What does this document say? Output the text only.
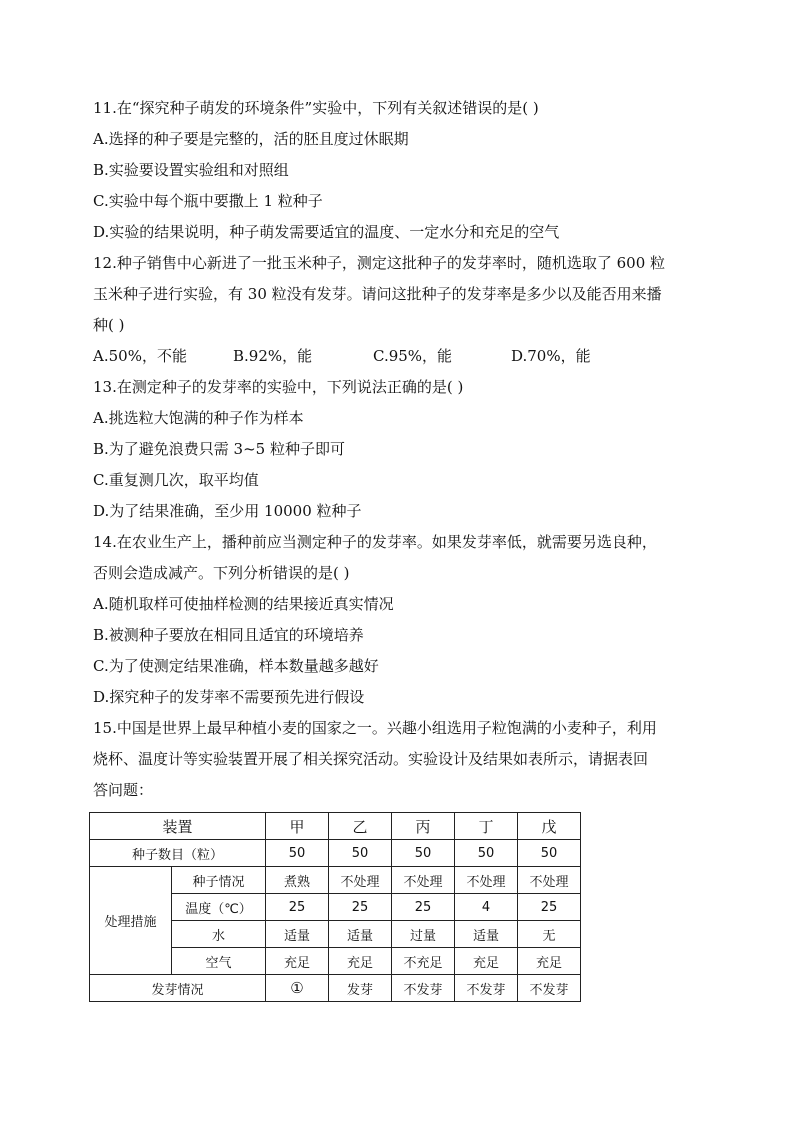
11.在“探究种子萌发的环境条件”实验中，下列有关叙述错误的是( )
A.选择的种子要是完整的，活的胚且度过休眠期
B.实验要设置实验组和对照组
C.实验中每个瓶中要撒上 1 粒种子
D.实验的结果说明，种子萌发需要适宜的温度、一定水分和充足的空气
12.种子销售中心新进了一批玉米种子，测定这批种子的发芽率时，随机选取了 600 粒
玉米种子进行实验，有 30 粒没有发芽。请问这批种子的发芽率是多少以及能否用来播
种( )
A.50%，不能	B.92%，能	C.95%，能	D.70%，能
13.在测定种子的发芽率的实验中，下列说法正确的是( )
A.挑选粒大饱满的种子作为样本
B.为了避免浪费只需 3~5 粒种子即可
C.重复测几次，取平均值
D.为了结果准确，至少用 10000 粒种子
14.在农业生产上，播种前应当测定种子的发芽率。如果发芽率低，就需要另选良种，
否则会造成减产。下列分析错误的是( )
A.随机取样可使抽样检测的结果接近真实情况
B.被测种子要放在相同且适宜的环境培养
C.为了使测定结果准确，样本数量越多越好
D.探究种子的发芽率不需要预先进行假设
15.中国是世界上最早种植小麦的国家之一。兴趣小组选用子粒饱满的小麦种子，利用
烧杯、温度计等实验装置开展了相关探究活动。实验设计及结果如表所示，请据表回
答问题：
装置		甲	乙	丙	丁	戊
种子数目（粒）		50	50	50	50	50
处理措施	种子情况	煮熟	不处理	不处理	不处理	不处理
	温度（℃）	25	25	25	4	25
	水	适量	适量	过量	适量	无
	空气	充足	充足	不充足	充足	充足
发芽情况		①	发芽	不发芽	不发芽	不发芽
